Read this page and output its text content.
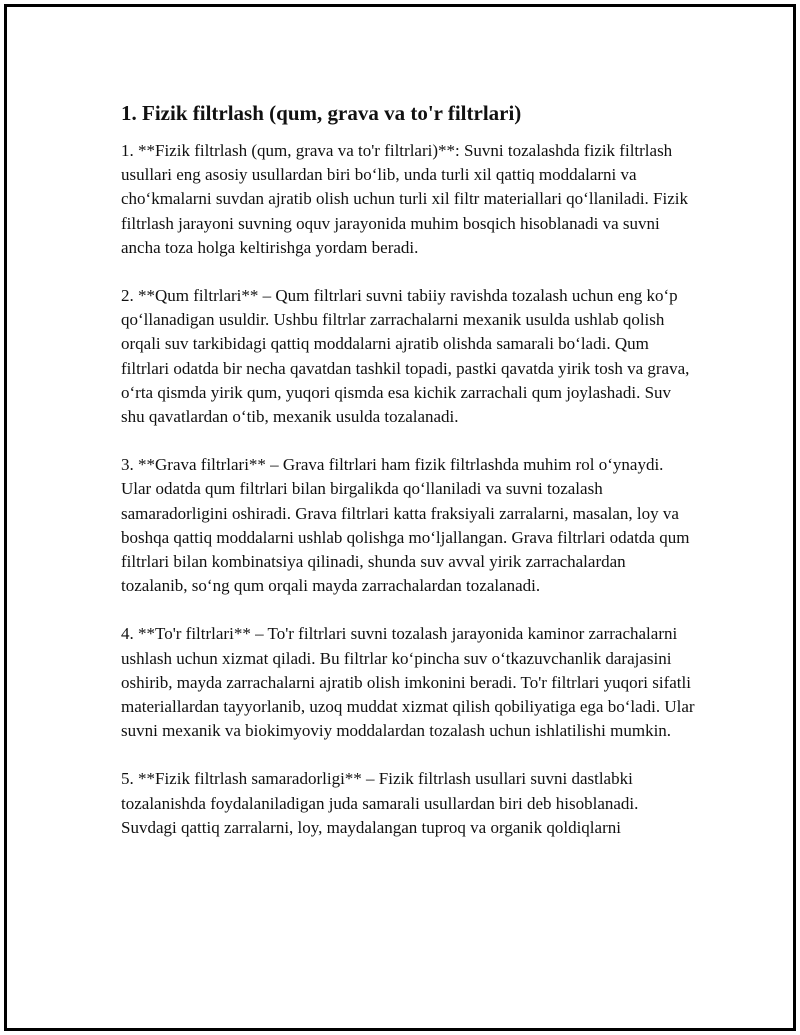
1. Fizik filtrlash (qum, grava va to'r filtrlari)

1. **Fizik filtrlash (qum, grava va to'r filtrlari)**: Suvni tozalashda fizik filtrlash usullari eng asosiy usullardan biri bo‘lib, unda turli xil qattiq moddalarni va cho‘kmalarni suvdan ajratib olish uchun turli xil filtr materiallari qo‘llaniladi. Fizik filtrlash jarayoni suvning oquv jarayonida muhim bosqich hisoblanadi va suvni ancha toza holga keltirishga yordam beradi.

2. **Qum filtrlari** – Qum filtrlari suvni tabiiy ravishda tozalash uchun eng ko‘p qo‘llanadigan usuldir. Ushbu filtrlar zarrachalarni mexanik usulda ushlab qolish orqali suv tarkibidagi qattiq moddalarni ajratib olishda samarali bo‘ladi. Qum filtrlari odatda bir necha qavatdan tashkil topadi, pastki qavatda yirik tosh va grava, o‘rta qismda yirik qum, yuqori qismda esa kichik zarrachali qum joylashadi. Suv shu qavatlardan o‘tib, mexanik usulda tozalanadi.

3. **Grava filtrlari** – Grava filtrlari ham fizik filtrlashda muhim rol o‘ynaydi. Ular odatda qum filtrlari bilan birgalikda qo‘llaniladi va suvni tozalash samaradorligini oshiradi. Grava filtrlari katta fraksiyali zarralarni, masalan, loy va boshqa qattiq moddalarni ushlab qolishga mo‘ljallangan. Grava filtrlari odatda qum filtrlari bilan kombinatsiya qilinadi, shunda suv avval yirik zarrachalardan tozalanib, so‘ng qum orqali mayda zarrachalardan tozalanadi.

4. **To'r filtrlari** – To'r filtrlari suvni tozalash jarayonida kaminor zarrachalarni ushlash uchun xizmat qiladi. Bu filtrlar ko‘pincha suv o‘tkazuvchanlik darajasini oshirib, mayda zarrachalarni ajratib olish imkonini beradi. To'r filtrlari yuqori sifatli materiallardan tayyorlanib, uzoq muddat xizmat qilish qobiliyatiga ega bo‘ladi. Ular suvni mexanik va biokimyoviy moddalardan tozalash uchun ishlatilishi mumkin.

5. **Fizik filtrlash samaradorligi** – Fizik filtrlash usullari suvni dastlabki tozalanishda foydalaniladigan juda samarali usullardan biri deb hisoblanadi. Suvdagi qattiq zarralarni, loy, maydalangan tuproq va organik qoldiqlarni
